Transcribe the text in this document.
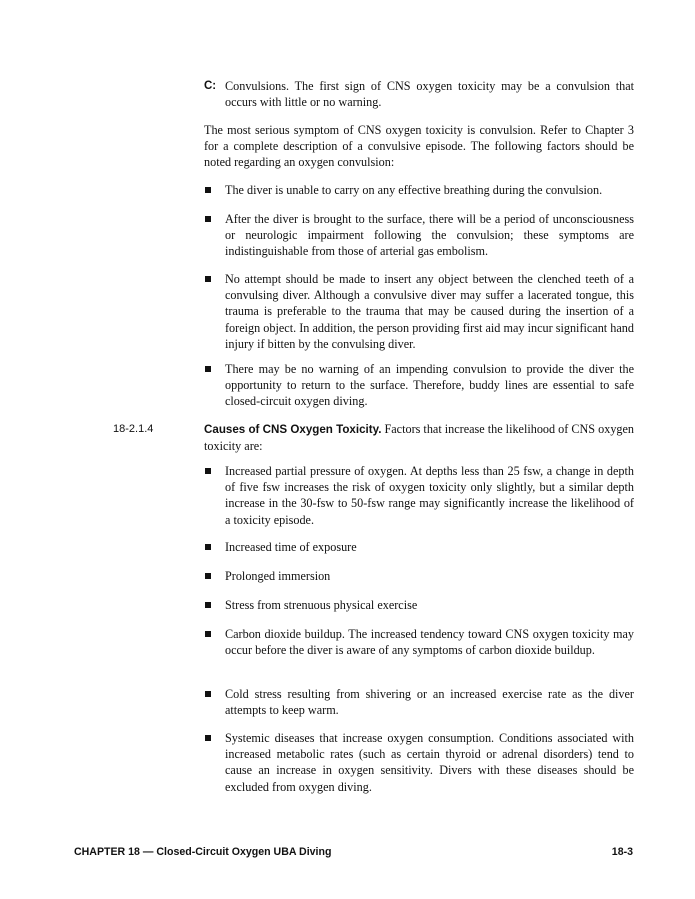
C: Convulsions. The first sign of CNS oxygen toxicity may be a convulsion that occurs with little or no warning.
The most serious symptom of CNS oxygen toxicity is convulsion. Refer to Chapter 3 for a complete description of a convulsive episode. The following factors should be noted regarding an oxygen convulsion:
The diver is unable to carry on any effective breathing during the convulsion.
After the diver is brought to the surface, there will be a period of unconsciousness or neurologic impairment following the convulsion; these symptoms are indistinguishable from those of arterial gas embolism.
No attempt should be made to insert any object between the clenched teeth of a convulsing diver. Although a convulsive diver may suffer a lacerated tongue, this trauma is preferable to the trauma that may be caused during the insertion of a foreign object. In addition, the person providing first aid may incur significant hand injury if bitten by the convulsing diver.
There may be no warning of an impending convulsion to provide the diver the opportunity to return to the surface. Therefore, buddy lines are essential to safe closed-circuit oxygen diving.
18-2.1.4	Causes of CNS Oxygen Toxicity. Factors that increase the likelihood of CNS oxygen toxicity are:
Increased partial pressure of oxygen. At depths less than 25 fsw, a change in depth of five fsw increases the risk of oxygen toxicity only slightly, but a similar depth increase in the 30-fsw to 50-fsw range may significantly increase the likelihood of a toxicity episode.
Increased time of exposure
Prolonged immersion
Stress from strenuous physical exercise
Carbon dioxide buildup. The increased tendency toward CNS oxygen toxicity may occur before the diver is aware of any symptoms of carbon dioxide buildup.
Cold stress resulting from shivering or an increased exercise rate as the diver attempts to keep warm.
Systemic diseases that increase oxygen consumption. Conditions associated with increased metabolic rates (such as certain thyroid or adrenal disorders) tend to cause an increase in oxygen sensitivity. Divers with these diseases should be excluded from oxygen diving.
CHAPTER 18 — Closed-Circuit Oxygen UBA Diving	18-3
